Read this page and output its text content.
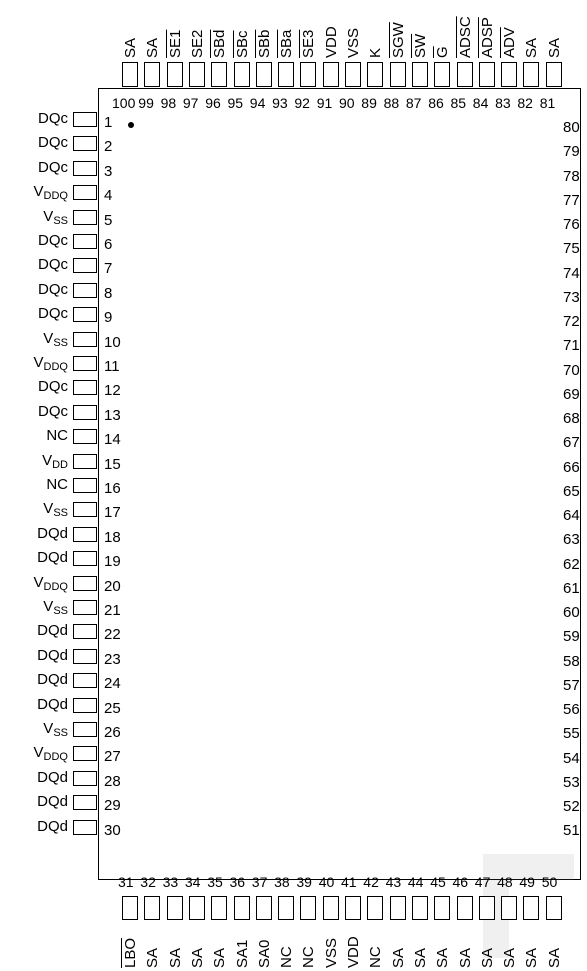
DQc 1
DQc 2
DQc 3
$V_{DDQ}$ 4
$V_{SS}$ 5
DQc 6
DQc 7
DQc 8
DQc 9
$V_{SS}$ 10
$V_{DDQ}$ 11
DQc 12
DQc 13
NC 14
$V_{DD}$ 15
NC 16
$V_{SS}$ 17
DQd 18
DQd 19
$V_{DDQ}$ 20
$V_{SS}$ 21
DQd 22
DQd 23
DQd 24
DQd 25
$V_{SS}$ 26
$V_{DDQ}$ 27
DQd 28
DQd 29
DQd 30
80
79
78
77
76
75
74
73
72
71
70
69
68
67
66
65
64
63
62
61
60
59
58
57
56
55
54
53
52
51
SA
100
SA
99
SE1
98
SE2
97
$\overline{SBd}$
96
$\overline{SBc}$
95
$\overline{SBb}$
94
$\overline{SBa}$
93
SE3
92
VDD
91
VSS
90
K
89
$\overline{SGW}$
88
$\overline{SW}$
87
$\overline{G}$
86
ADSC
85
ADSP
84
$\overline{ADV}$
83
SA
82
SA
81
31
$\overline{LBO}$
32
SA
33
SA
34
SA
35
SA
36
SA1
37
SA0
38
NC
39
NC
40
VSS
41
VDD
42
NC
43
SA
44
SA
45
SA
46
SA
47
SA
48
SA
49
SA
50
SA
